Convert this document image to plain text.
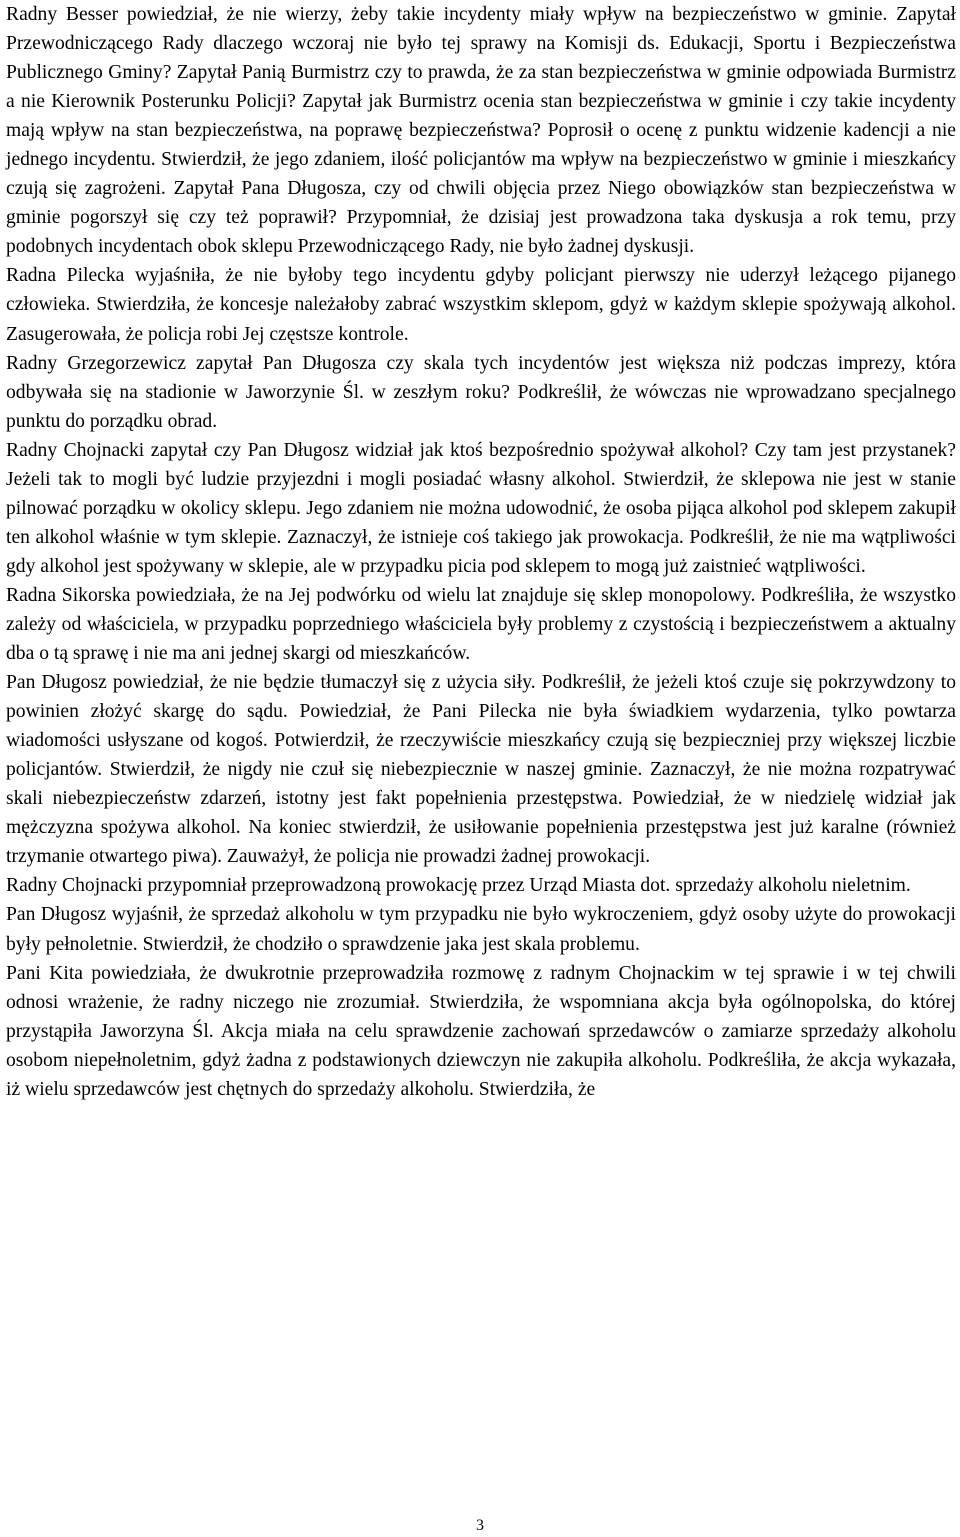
Radny Besser powiedział, że nie wierzy, żeby takie incydenty miały wpływ na bezpieczeństwo w gminie. Zapytał Przewodniczącego Rady dlaczego wczoraj nie było tej sprawy na Komisji ds. Edukacji, Sportu i Bezpieczeństwa Publicznego Gminy? Zapytał Panią Burmistrz czy to prawda, że za stan bezpieczeństwa w gminie odpowiada Burmistrz a nie Kierownik Posterunku Policji? Zapytał jak Burmistrz ocenia stan bezpieczeństwa w gminie i czy takie incydenty mają wpływ na stan bezpieczeństwa, na poprawę bezpieczeństwa? Poprosił o ocenę z punktu widzenie kadencji a nie jednego incydentu. Stwierdził, że jego zdaniem, ilość policjantów ma wpływ na bezpieczeństwo w gminie i mieszkańcy czują się zagrożeni. Zapytał Pana Długosza, czy od chwili objęcia przez Niego obowiązków stan bezpieczeństwa w gminie pogorszył się czy też poprawił? Przypomniał, że dzisiaj jest prowadzona taka dyskusja a rok temu, przy podobnych incydentach obok sklepu Przewodniczącego Rady, nie było żadnej dyskusji.

Radna Pilecka wyjaśniła, że nie byłoby tego incydentu gdyby policjant pierwszy nie uderzył leżącego pijanego człowieka. Stwierdziła, że koncesje należałoby zabrać wszystkim sklepom, gdyż w każdym sklepie spożywają alkohol. Zasugerowała, że policja robi Jej częstsze kontrole.

Radny Grzegorzewicz zapytał Pan Długosza czy skala tych incydentów jest większa niż podczas imprezy, która odbywała się na stadionie w Jaworzynie Śl. w zeszłym roku? Podkreślił, że wówczas nie wprowadzano specjalnego punktu do porządku obrad.

Radny Chojnacki zapytał czy Pan Długosz widział jak ktoś bezpośrednio spożywał alkohol? Czy tam jest przystanek? Jeżeli tak to mogli być ludzie przyjezdni i mogli posiadać własny alkohol. Stwierdził, że sklepowa nie jest w stanie pilnować porządku w okolicy sklepu. Jego zdaniem nie można udowodnić, że osoba pijąca alkohol pod sklepem zakupił ten alkohol właśnie w tym sklepie. Zaznaczył, że istnieje coś takiego jak prowokacja. Podkreślił, że nie ma wątpliwości gdy alkohol jest spożywany w sklepie, ale w przypadku picia pod sklepem to mogą już zaistnieć wątpliwości.

Radna Sikorska powiedziała, że na Jej podwórku od wielu lat znajduje się sklep monopolowy. Podkreśliła, że wszystko zależy od właściciela, w przypadku poprzedniego właściciela były problemy z czystością i bezpieczeństwem a aktualny dba o tą sprawę i nie ma ani jednej skargi od mieszkańców.

Pan Długosz powiedział, że nie będzie tłumaczył się z użycia siły. Podkreślił, że jeżeli ktoś czuje się pokrzywdzony to powinien złożyć skargę do sądu. Powiedział, że Pani Pilecka nie była świadkiem wydarzenia, tylko powtarza wiadomości usłyszane od kogoś. Potwierdził, że rzeczywiście mieszkańcy czują się bezpieczniej przy większej liczbie policjantów. Stwierdził, że nigdy nie czuł się niebezpiecznie w naszej gminie. Zaznaczył, że nie można rozpatrywać skali niebezpieczeństw zdarzeń, istotny jest fakt popełnienia przestępstwa. Powiedział, że w niedzielę widział jak mężczyzna spożywa alkohol. Na koniec stwierdził, że usiłowanie popełnienia przestępstwa jest już karalne (również trzymanie otwartego piwa). Zauważył, że policja nie prowadzi żadnej prowokacji.

Radny Chojnacki przypomniał przeprowadzoną prowokację przez Urząd Miasta dot. sprzedaży alkoholu nieletnim.

Pan Długosz wyjaśnił, że sprzedaż alkoholu w tym przypadku nie było wykroczeniem, gdyż osoby użyte do prowokacji były pełnoletnie. Stwierdził, że chodziło o sprawdzenie jaka jest skala problemu.

Pani Kita powiedziała, że dwukrotnie przeprowadziła rozmowę z radnym Chojnackim w tej sprawie i w tej chwili odnosi wrażenie, że radny niczego nie zrozumiał. Stwierdziła, że wspomniana akcja była ogólnopolska, do której przystąpiła Jaworzyna Śl. Akcja miała na celu sprawdzenie zachowań sprzedawców o zamiarze sprzedaży alkoholu osobom niepełnoletnim, gdyż żadna z podstawionych dziewczyn nie zakupiła alkoholu. Podkreśliła, że akcja wykazała, iż wielu sprzedawców jest chętnych do sprzedaży alkoholu. Stwierdziła, że

3
